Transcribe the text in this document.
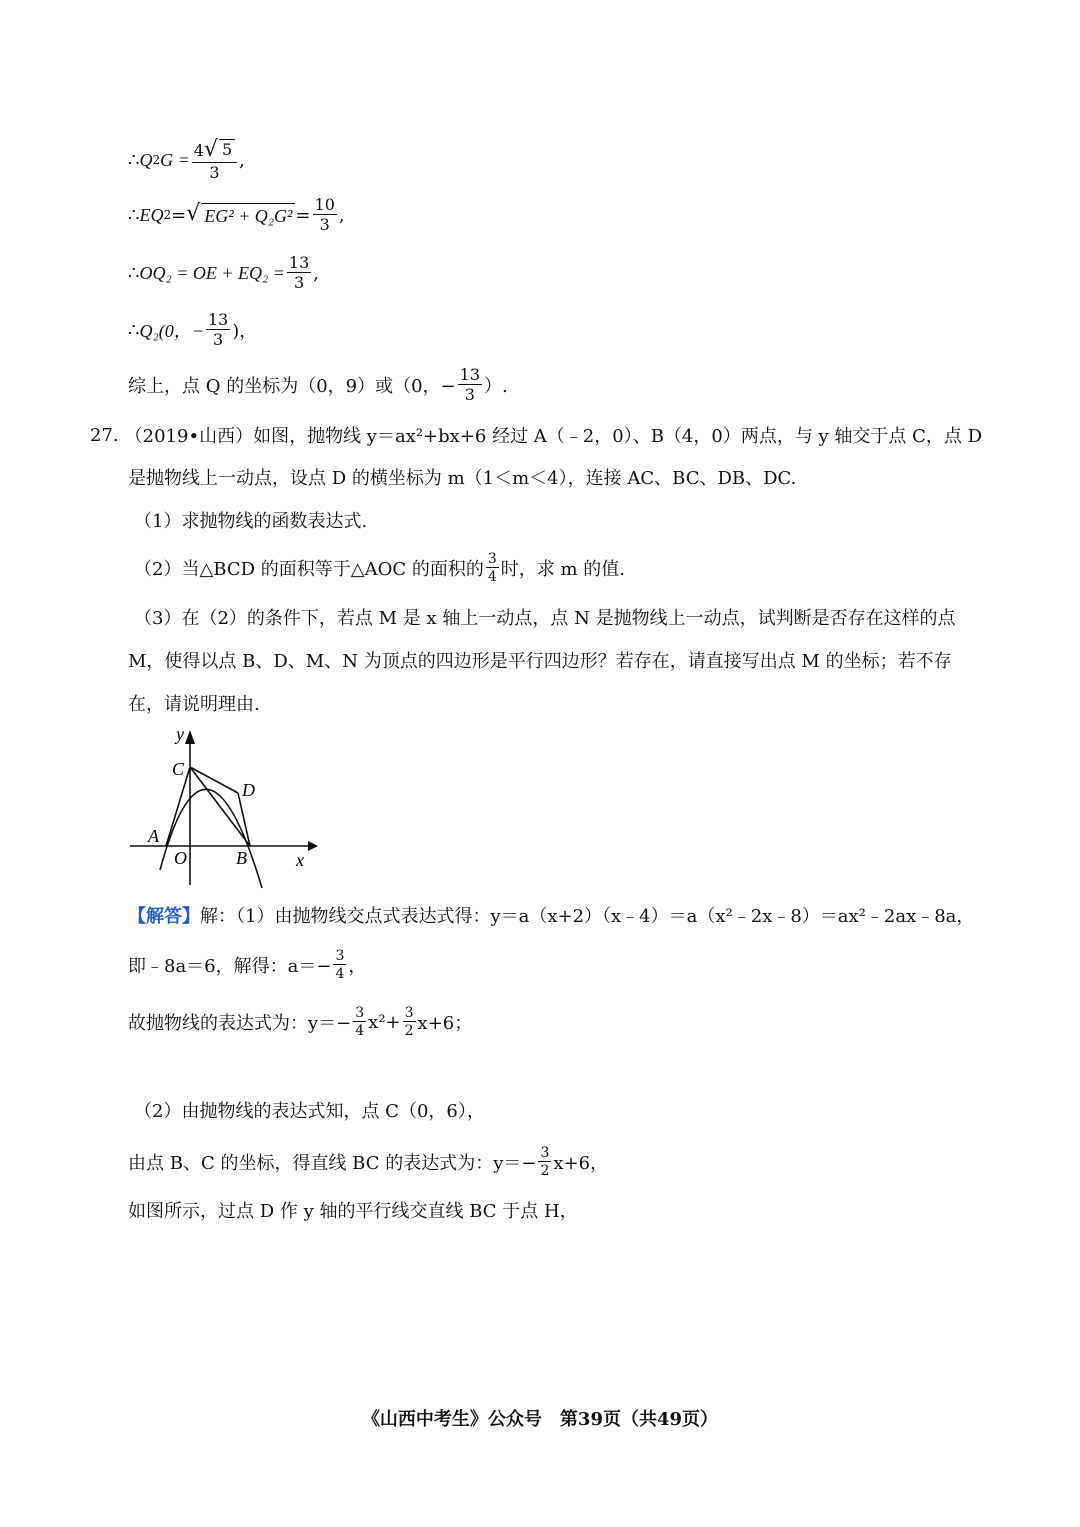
∴ Q 2 $G = \frac{4 √ 5}{3}$ ,
∴ EQ 2 = √ $EG^2 + Q_2G^2 = \frac{10}{3}$ ,
∴ OQ₂ = OE + $EQ_2 = \frac{13}{3}$ ,
∴ Q₂(0，− $\frac{13}{3}$ )，
综上，点 Q 的坐标为（0，9）或（0，− $\frac{13}{3}$ ）.
27. （2019•山西）如图，抛物线 y＝ax²+bx+6 经过 A（﹣2，0）、B（4，0）两点，与 y 轴交于点 C，点 D
是抛物线上一动点，设点 D 的横坐标为 m（1＜m＜4），连接 AC、BC、DB、DC.
（1）求抛物线的函数表达式.
（2）当△BCD 的面积等于△AOC 的面积的 $\frac{3}{4}$ 时，求 m 的值.
（3）在（2）的条件下，若点 M 是 x 轴上一动点，点 N 是抛物线上一动点，试判断是否存在这样的点
M，使得以点 B、D、M、N 为顶点的四边形是平行四边形？若存在，请直接写出点 M 的坐标；若不存
在，请说明理由.
y
x
C
D
A
O	B
【解答】 解：（1）由抛物线交点式表达式得：y＝a（x+2）（x﹣4）＝a（x²﹣2x﹣8）＝ax²﹣2ax﹣8a，
即﹣8a＝6，解得：$a=- \frac{3}{4}$ ，
故抛物线的表达式为：$y=- \frac{3}{4} x^2+ \frac{3}{2} x+6$；
（2）由抛物线的表达式知，点 C（0，6），
由点 B、C 的坐标，得直线 BC 的表达式为：$y=- \frac{3}{2} x+6$，
如图所示，过点 D 作 y 轴的平行线交直线 BC 于点 H，
《山西中考生》公众号　第39页（共49页）
